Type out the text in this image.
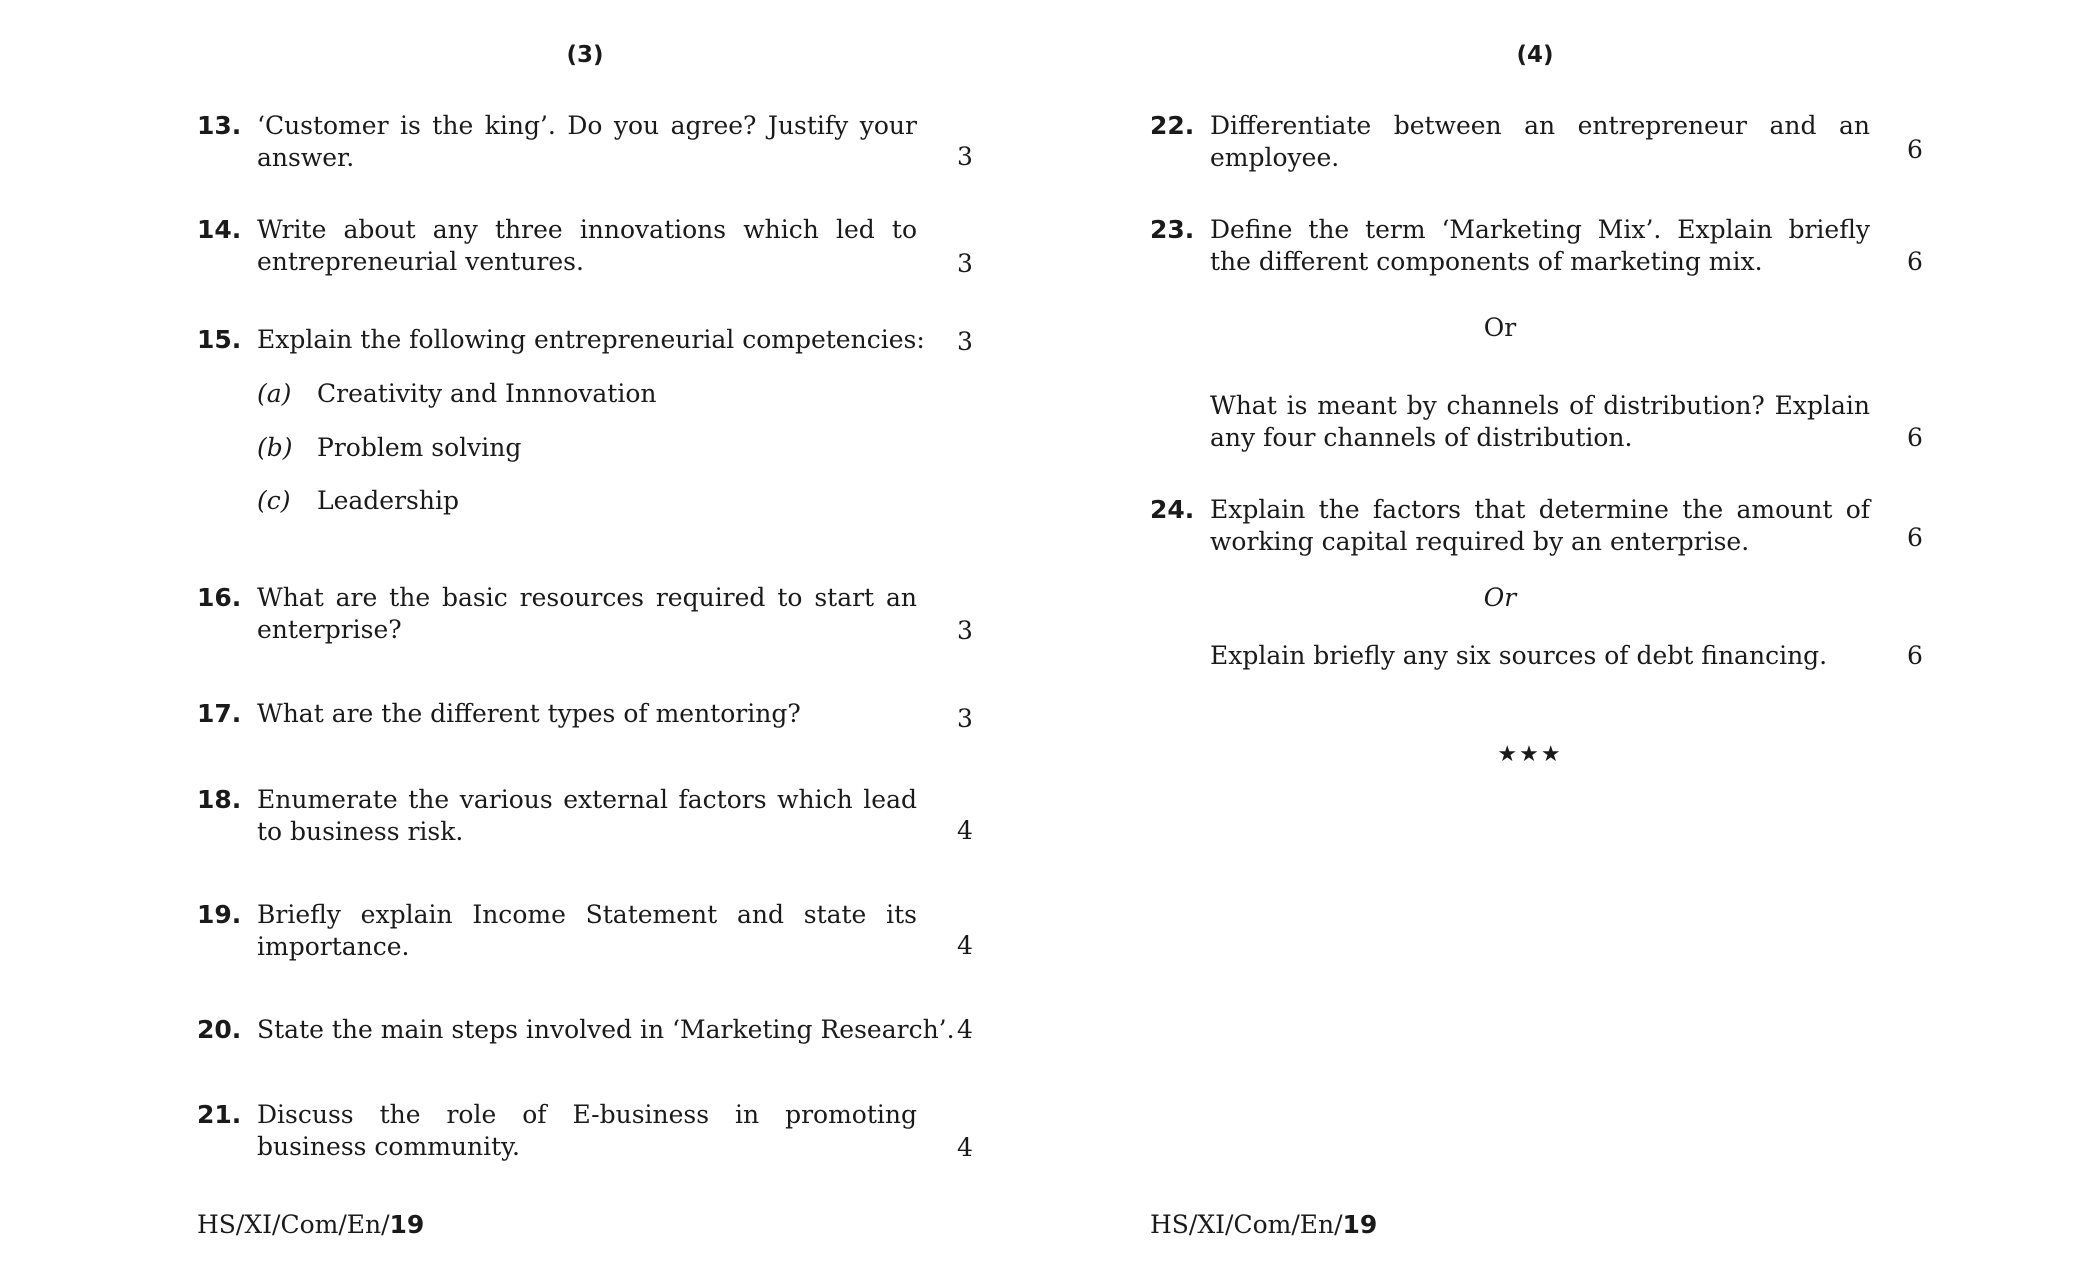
(3)
13. ‘Customer is the king’. Do you agree? Justify your answer.	3
14. Write about any three innovations which led to entrepreneurial ventures.	3
15. Explain the following entrepreneurial competencies:	3
(a) Creativity and Innnovation
(b) Problem solving
(c) Leadership
16. What are the basic resources required to start an enterprise?	3
17. What are the different types of mentoring?	3
18. Enumerate the various external factors which lead to business risk.	4
19. Briefly explain Income Statement and state its importance.	4
20. State the main steps involved in ‘Marketing Research’. 4
21. Discuss the role of E-business in promoting business community.	4
HS/XI/Com/En/19
(4)
22. Differentiate between an entrepreneur and an employee.	6
23. Define the term ‘Marketing Mix’. Explain briefly the different components of marketing mix.	6
Or
What is meant by channels of distribution? Explain any four channels of distribution.	6
24. Explain the factors that determine the amount of working capital required by an enterprise.	6
Or
Explain briefly any six sources of debt financing.	6
★★★
HS/XI/Com/En/19
